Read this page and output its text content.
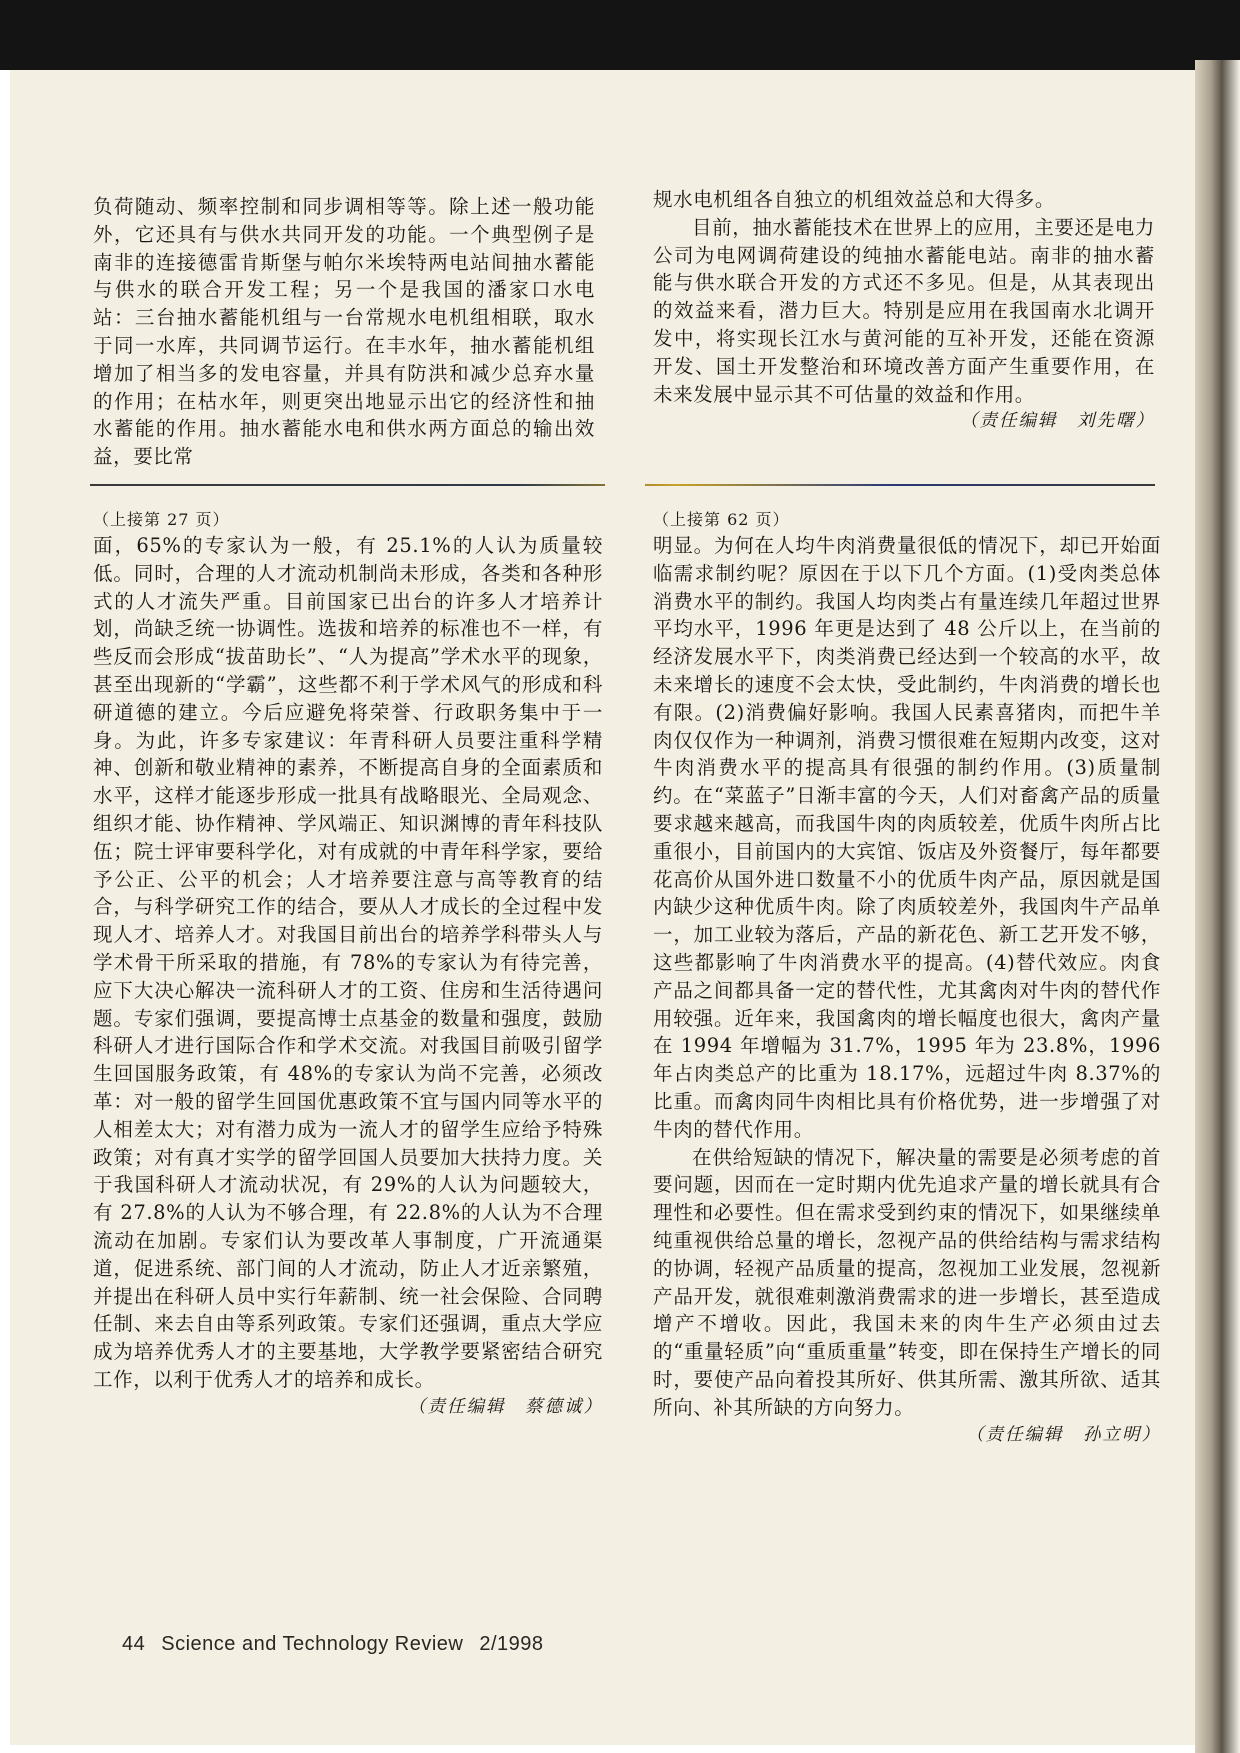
负荷随动、频率控制和同步调相等等。除上述一般功能外，它还具有与供水共同开发的功能。一个典型例子是南非的连接德雷肯斯堡与帕尔米埃特两电站间抽水蓄能与供水的联合开发工程；另一个是我国的潘家口水电站：三台抽水蓄能机组与一台常规水电机组相联，取水于同一水库，共同调节运行。在丰水年，抽水蓄能机组增加了相当多的发电容量，并具有防洪和减少总弃水量的作用；在枯水年，则更突出地显示出它的经济性和抽水蓄能的作用。抽水蓄能水电和供水两方面总的输出效益，要比常

规水电机组各自独立的机组效益总和大得多。

目前，抽水蓄能技术在世界上的应用，主要还是电力公司为电网调荷建设的纯抽水蓄能电站。南非的抽水蓄能与供水联合开发的方式还不多见。但是，从其表现出的效益来看，潜力巨大。特别是应用在我国南水北调开发中，将实现长江水与黄河能的互补开发，还能在资源开发、国土开发整治和环境改善方面产生重要作用，在未来发展中显示其不可估量的效益和作用。

（责任编辑　刘先曙）

（上接第 27 页）

面，65%的专家认为一般，有 25.1%的人认为质量较低。同时，合理的人才流动机制尚未形成，各类和各种形式的人才流失严重。目前国家已出台的许多人才培养计划，尚缺乏统一协调性。选拔和培养的标准也不一样，有些反而会形成“拔苗助长”、“人为提高”学术水平的现象，甚至出现新的“学霸”，这些都不利于学术风气的形成和科研道德的建立。今后应避免将荣誉、行政职务集中于一身。为此，许多专家建议：年青科研人员要注重科学精神、创新和敬业精神的素养，不断提高自身的全面素质和水平，这样才能逐步形成一批具有战略眼光、全局观念、组织才能、协作精神、学风端正、知识渊博的青年科技队伍；院士评审要科学化，对有成就的中青年科学家，要给予公正、公平的机会；人才培养要注意与高等教育的结合，与科学研究工作的结合，要从人才成长的全过程中发现人才、培养人才。对我国目前出台的培养学科带头人与学术骨干所采取的措施，有 78%的专家认为有待完善，应下大决心解决一流科研人才的工资、住房和生活待遇问题。专家们强调，要提高博士点基金的数量和强度，鼓励科研人才进行国际合作和学术交流。对我国目前吸引留学生回国服务政策，有 48%的专家认为尚不完善，必须改革：对一般的留学生回国优惠政策不宜与国内同等水平的人相差太大；对有潜力成为一流人才的留学生应给予特殊政策；对有真才实学的留学回国人员要加大扶持力度。关于我国科研人才流动状况，有 29%的人认为问题较大，有 27.8%的人认为不够合理，有 22.8%的人认为不合理流动在加剧。专家们认为要改革人事制度，广开流通渠道，促进系统、部门间的人才流动，防止人才近亲繁殖，并提出在科研人员中实行年薪制、统一社会保险、合同聘任制、来去自由等系列政策。专家们还强调，重点大学应成为培养优秀人才的主要基地，大学教学要紧密结合研究工作，以利于优秀人才的培养和成长。

（责任编辑　蔡德诚）

（上接第 62 页）

明显。为何在人均牛肉消费量很低的情况下，却已开始面临需求制约呢？原因在于以下几个方面。(1)受肉类总体消费水平的制约。我国人均肉类占有量连续几年超过世界平均水平，1996 年更是达到了 48 公斤以上，在当前的经济发展水平下，肉类消费已经达到一个较高的水平，故未来增长的速度不会太快，受此制约，牛肉消费的增长也有限。(2)消费偏好影响。我国人民素喜猪肉，而把牛羊肉仅仅作为一种调剂，消费习惯很难在短期内改变，这对牛肉消费水平的提高具有很强的制约作用。(3)质量制约。在“菜蓝子”日渐丰富的今天，人们对畜禽产品的质量要求越来越高，而我国牛肉的肉质较差，优质牛肉所占比重很小，目前国内的大宾馆、饭店及外资餐厅，每年都要花高价从国外进口数量不小的优质牛肉产品，原因就是国内缺少这种优质牛肉。除了肉质较差外，我国肉牛产品单一，加工业较为落后，产品的新花色、新工艺开发不够，这些都影响了牛肉消费水平的提高。(4)替代效应。肉食产品之间都具备一定的替代性，尤其禽肉对牛肉的替代作用较强。近年来，我国禽肉的增长幅度也很大，禽肉产量在 1994 年增幅为 31.7%，1995 年为 23.8%，1996 年占肉类总产的比重为 18.17%，远超过牛肉 8.37%的比重。而禽肉同牛肉相比具有价格优势，进一步增强了对牛肉的替代作用。

在供给短缺的情况下，解决量的需要是必须考虑的首要问题，因而在一定时期内优先追求产量的增长就具有合理性和必要性。但在需求受到约束的情况下，如果继续单纯重视供给总量的增长，忽视产品的供给结构与需求结构的协调，轻视产品质量的提高，忽视加工业发展，忽视新产品开发，就很难刺激消费需求的进一步增长，甚至造成增产不增收。因此，我国未来的肉牛生产必须由过去的“重量轻质”向“重质重量”转变，即在保持生产增长的同时，要使产品向着投其所好、供其所需、激其所欲、适其所向、补其所缺的方向努力。

（责任编辑　孙立明）

44 Science and Technology Review 2/1998
